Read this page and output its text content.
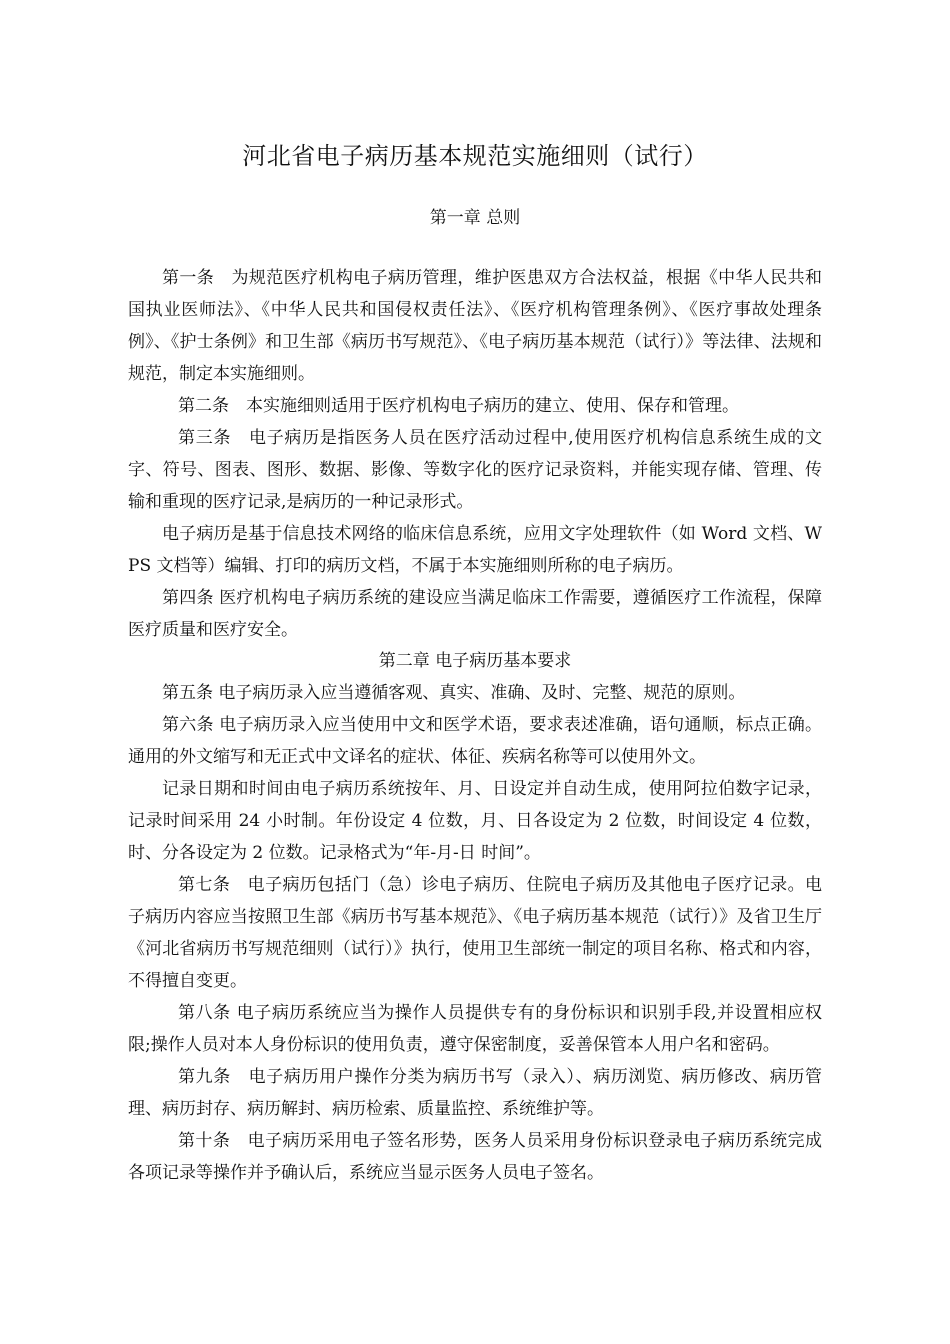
河北省电子病历基本规范实施细则（试行）
第一章 总则

第一条　为规范医疗机构电子病历管理，维护医患双方合法权益，根据《中华人民共和国执业医师法》、《中华人民共和国侵权责任法》、《医疗机构管理条例》、《医疗事故处理条例》、《护士条例》和卫生部《病历书写规范》、《电子病历基本规范（试行）》等法律、法规和规范，制定本实施细则。

第二条　本实施细则适用于医疗机构电子病历的建立、使用、保存和管理。

第三条　电子病历是指医务人员在医疗活动过程中,使用医疗机构信息系统生成的文字、符号、图表、图形、数据、影像、等数字化的医疗记录资料，并能实现存储、管理、传输和重现的医疗记录,是病历的一种记录形式。

电子病历是基于信息技术网络的临床信息系统，应用文字处理软件（如 Word 文档、WPS 文档等）编辑、打印的病历文档，不属于本实施细则所称的电子病历。

第四条 医疗机构电子病历系统的建设应当满足临床工作需要，遵循医疗工作流程，保障医疗质量和医疗安全。

第二章 电子病历基本要求

第五条 电子病历录入应当遵循客观、真实、准确、及时、完整、规范的原则。

第六条 电子病历录入应当使用中文和医学术语，要求表述准确，语句通顺，标点正确。通用的外文缩写和无正式中文译名的症状、体征、疾病名称等可以使用外文。

记录日期和时间由电子病历系统按年、月、日设定并自动生成，使用阿拉伯数字记录，记录时间采用 24 小时制。年份设定 4 位数，月、日各设定为 2 位数，时间设定 4 位数，时、分各设定为 2 位数。记录格式为“年-月-日 时间”。

第七条　电子病历包括门（急）诊电子病历、住院电子病历及其他电子医疗记录。电子病历内容应当按照卫生部《病历书写基本规范》、《电子病历基本规范（试行）》及省卫生厅《河北省病历书写规范细则（试行）》执行，使用卫生部统一制定的项目名称、格式和内容，不得擅自变更。

第八条 电子病历系统应当为操作人员提供专有的身份标识和识别手段,并设置相应权限;操作人员对本人身份标识的使用负责，遵守保密制度，妥善保管本人用户名和密码。

第九条　电子病历用户操作分类为病历书写（录入）、病历浏览、病历修改、病历管理、病历封存、病历解封、病历检索、质量监控、系统维护等。

第十条　电子病历采用电子签名形势，医务人员采用身份标识登录电子病历系统完成各项记录等操作并予确认后，系统应当显示医务人员电子签名。
